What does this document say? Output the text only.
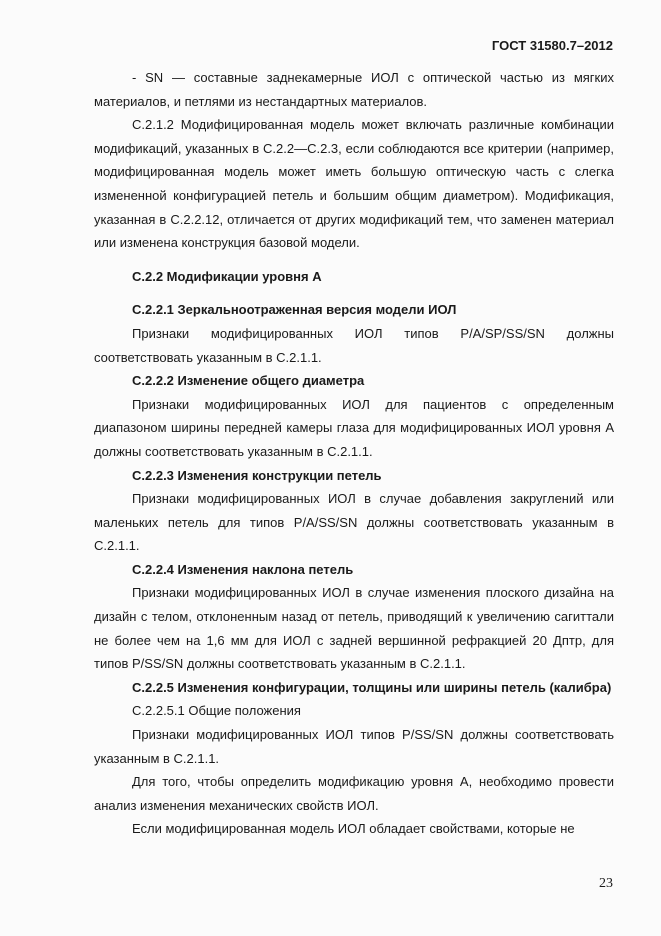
ГОСТ 31580.7–2012

- SN — составные заднекамерные ИОЛ с оптической частью из мягких материалов, и петлями из нестандартных материалов.

С.2.1.2 Модифицированная модель может включать различные комбинации модификаций, указанных в С.2.2—С.2.3, если соблюдаются все критерии (например, модифицированная модель может иметь большую оптическую часть с слегка измененной конфигурацией петель и большим общим диаметром). Модификация, указанная в С.2.2.12, отличается от других модификаций тем, что заменен материал или изменена конструкция базовой модели.

С.2.2 Модификации уровня А

С.2.2.1 Зеркальноотраженная версия модели ИОЛ

Признаки модифицированных ИОЛ типов P/A/SP/SS/SN должны соответствовать указанным в С.2.1.1.

С.2.2.2 Изменение общего диаметра

Признаки модифицированных ИОЛ для пациентов с определенным диапазоном ширины передней камеры глаза для модифицированных ИОЛ уровня А должны соответствовать указанным в С.2.1.1.

С.2.2.3 Изменения конструкции петель

Признаки модифицированных ИОЛ в случае добавления закруглений или маленьких петель для типов P/A/SS/SN должны соответствовать указанным в С.2.1.1.

С.2.2.4 Изменения наклона петель

Признаки модифицированных ИОЛ в случае изменения плоского дизайна на дизайн с телом, отклоненным назад от петель, приводящий к увеличению сагиттали не более чем на 1,6 мм для ИОЛ с задней вершинной рефракцией 20 Дптр, для типов P/SS/SN должны соответствовать указанным в С.2.1.1.

С.2.2.5 Изменения конфигурации, толщины или ширины петель (калибра)

С.2.2.5.1 Общие положения

Признаки модифицированных ИОЛ типов P/SS/SN должны соответствовать указанным в С.2.1.1.

Для того, чтобы определить модификацию уровня А, необходимо провести анализ изменения механических свойств ИОЛ.

Если модифицированная модель ИОЛ обладает свойствами, которые не

23
